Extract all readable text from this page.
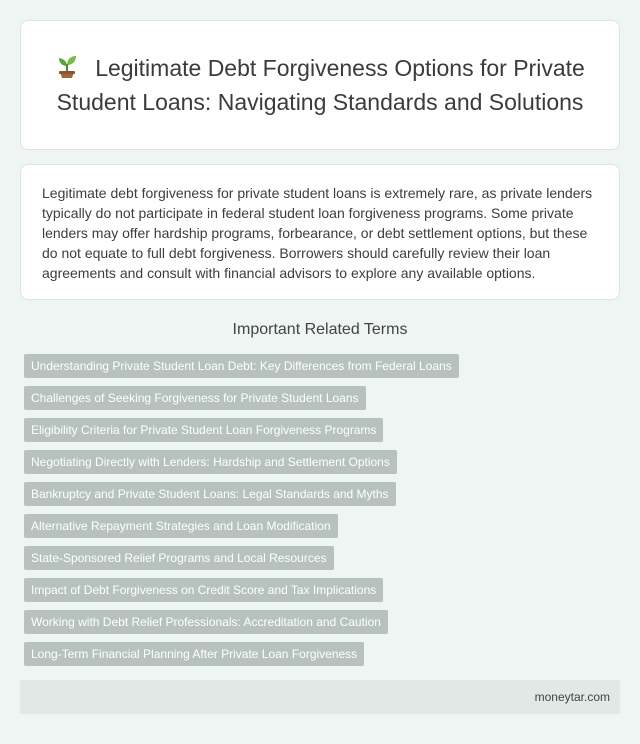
Legitimate Debt Forgiveness Options for Private Student Loans: Navigating Standards and Solutions

Legitimate debt forgiveness for private student loans is extremely rare, as private lenders typically do not participate in federal student loan forgiveness programs. Some private lenders may offer hardship programs, forbearance, or debt settlement options, but these do not equate to full debt forgiveness. Borrowers should carefully review their loan agreements and consult with financial advisors to explore any available options.

Important Related Terms
Understanding Private Student Loan Debt: Key Differences from Federal Loans
Challenges of Seeking Forgiveness for Private Student Loans
Eligibility Criteria for Private Student Loan Forgiveness Programs
Negotiating Directly with Lenders: Hardship and Settlement Options
Bankruptcy and Private Student Loans: Legal Standards and Myths
Alternative Repayment Strategies and Loan Modification
State-Sponsored Relief Programs and Local Resources
Impact of Debt Forgiveness on Credit Score and Tax Implications
Working with Debt Relief Professionals: Accreditation and Caution
Long-Term Financial Planning After Private Loan Forgiveness
moneytar.com
